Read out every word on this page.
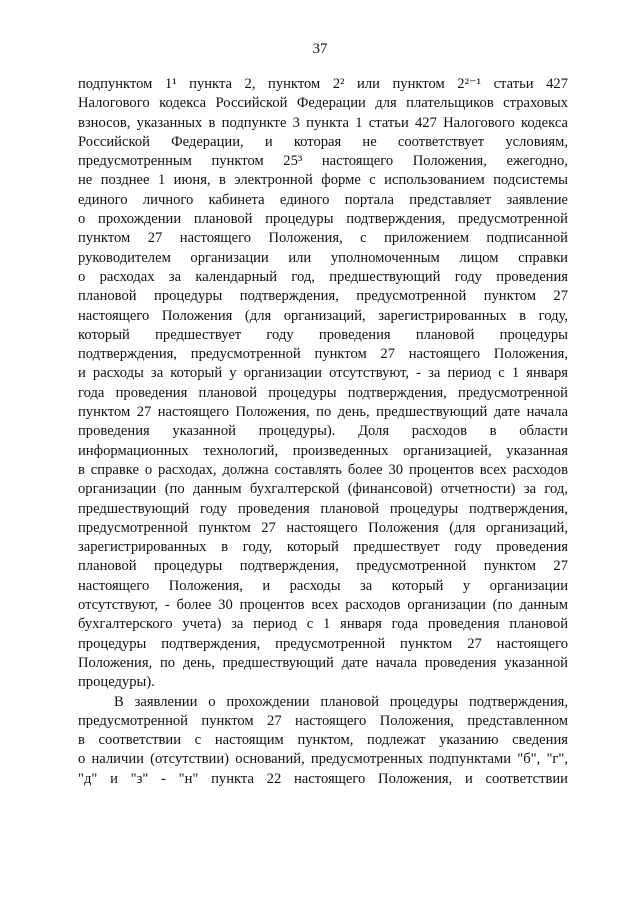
37
подпунктом 1¹ пункта 2, пунктом 2² или пунктом 2²⁻¹ статьи 427
Налогового кодекса Российской Федерации для плательщиков страховых
взносов, указанных в подпункте 3 пункта 1 статьи 427 Налогового кодекса
Российской Федерации, и которая не соответствует условиям,
предусмотренным пунктом 25³ настоящего Положения, ежегодно,
не позднее 1 июня, в электронной форме с использованием подсистемы
единого личного кабинета единого портала представляет заявление
о прохождении плановой процедуры подтверждения, предусмотренной
пунктом 27 настоящего Положения, с приложением подписанной
руководителем организации или уполномоченным лицом справки
о расходах за календарный год, предшествующий году проведения
плановой процедуры подтверждения, предусмотренной пунктом 27
настоящего Положения (для организаций, зарегистрированных в году,
который предшествует году проведения плановой процедуры
подтверждения, предусмотренной пунктом 27 настоящего Положения,
и расходы за который у организации отсутствуют, - за период с 1 января
года проведения плановой процедуры подтверждения, предусмотренной
пунктом 27 настоящего Положения, по день, предшествующий дате начала
проведения указанной процедуры). Доля расходов в области
информационных технологий, произведенных организацией, указанная
в справке о расходах, должна составлять более 30 процентов всех расходов
организации (по данным бухгалтерской (финансовой) отчетности) за год,
предшествующий году проведения плановой процедуры подтверждения,
предусмотренной пунктом 27 настоящего Положения (для организаций,
зарегистрированных в году, который предшествует году проведения
плановой процедуры подтверждения, предусмотренной пунктом 27
настоящего Положения, и расходы за который у организации
отсутствуют, - более 30 процентов всех расходов организации (по данным
бухгалтерского учета) за период с 1 января года проведения плановой
процедуры подтверждения, предусмотренной пунктом 27 настоящего
Положения, по день, предшествующий дате начала проведения указанной
процедуры).
В заявлении о прохождении плановой процедуры подтверждения,
предусмотренной пунктом 27 настоящего Положения, представленном
в соответствии с настоящим пунктом, подлежат указанию сведения
о наличии (отсутствии) оснований, предусмотренных подпунктами "б", "г",
"д" и "з" - "н" пункта 22 настоящего Положения, и соответствии
